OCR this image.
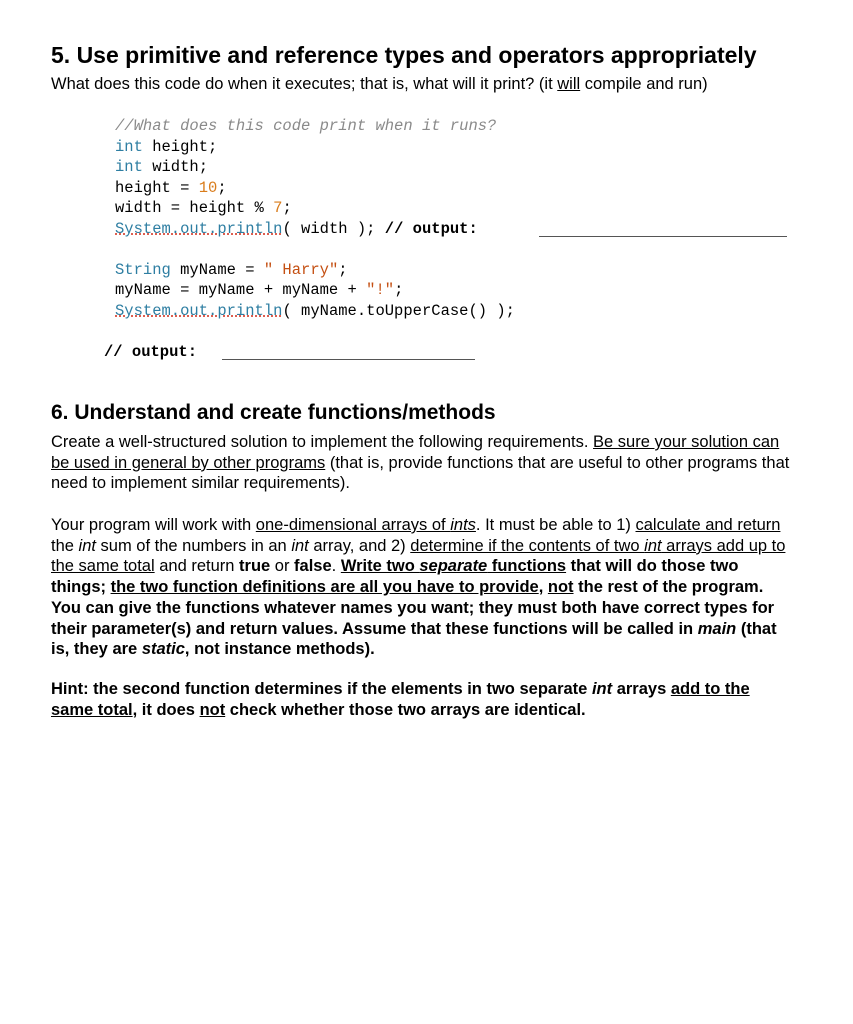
5. Use primitive and reference types and operators appropriately

What does this code do when it executes; that is, what will it print? (it will compile and run)

//What does this code print when it runs?
int height;
int width;
height = 10;
width = height % 7;
System.out.println( width ); // output:

String myName = " Harry";
myName = myName + myName + "!";
System.out.println( myName.toUpperCase() );
// output:
6. Understand and create functions/methods

Create a well-structured solution to implement the following requirements. Be sure your solution can be used in general by other programs (that is, provide functions that are useful to other programs that need to implement similar requirements).

Your program will work with one-dimensional arrays of ints. It must be able to 1) calculate and return the int sum of the numbers in an int array, and 2) determine if the contents of two int arrays add up to the same total and return true or false. Write two separate functions that will do those two things; the two function definitions are all you have to provide, not the rest of the program. You can give the functions whatever names you want; they must both have correct types for their parameter(s) and return values. Assume that these functions will be called in main (that is, they are static, not instance methods).

Hint: the second function determines if the elements in two separate int arrays add to the same total, it does not check whether those two arrays are identical.
